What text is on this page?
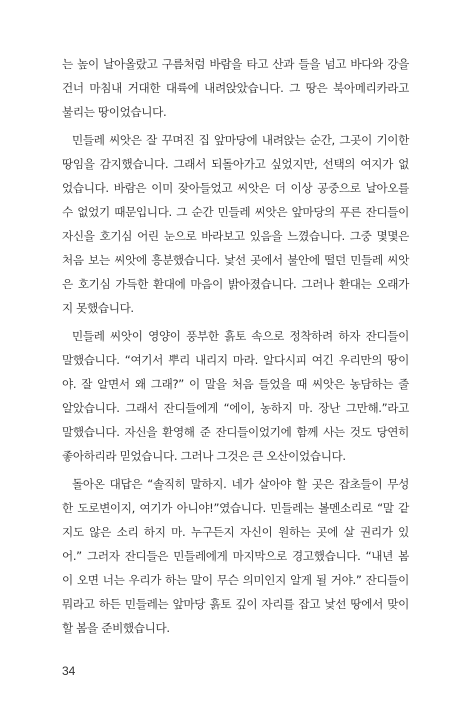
는 높이 날아올랐고 구름처럼 바람을 타고 산과 들을 넘고 바다와 강을
건너 마침내 거대한 대륙에 내려앉았습니다. 그 땅은 북아메리카라고
불리는 땅이었습니다.
민들레 씨앗은 잘 꾸며진 집 앞마당에 내려앉는 순간, 그곳이 기이한
땅임을 감지했습니다. 그래서 되돌아가고 싶었지만, 선택의 여지가 없
었습니다. 바람은 이미 잦아들었고 씨앗은 더 이상 공중으로 날아오를
수 없었기 때문입니다. 그 순간 민들레 씨앗은 앞마당의 푸른 잔디들이
자신을 호기심 어린 눈으로 바라보고 있음을 느꼈습니다. 그중 몇몇은
처음 보는 씨앗에 흥분했습니다. 낯선 곳에서 불안에 떨던 민들레 씨앗
은 호기심 가득한 환대에 마음이 밝아졌습니다. 그러나 환대는 오래가
지 못했습니다.
민들레 씨앗이 영양이 풍부한 흙토 속으로 정착하려 하자 잔디들이
말했습니다. “여기서 뿌리 내리지 마라. 알다시피 여긴 우리만의 땅이
야. 잘 알면서 왜 그래?” 이 말을 처음 들었을 때 씨앗은 농담하는 줄
알았습니다. 그래서 잔디들에게 “에이, 농하지 마. 장난 그만해.”라고
말했습니다. 자신을 환영해 준 잔디들이었기에 함께 사는 것도 당연히
좋아하리라 믿었습니다. 그러나 그것은 큰 오산이었습니다.
돌아온 대답은 “솔직히 말하지. 네가 살아야 할 곳은 잡초들이 무성
한 도로변이지, 여기가 아니야!”였습니다. 민들레는 볼멘소리로 “말 같
지도 않은 소리 하지 마. 누구든지 자신이 원하는 곳에 살 권리가 있
어.” 그러자 잔디들은 민들레에게 마지막으로 경고했습니다. “내년 봄
이 오면 너는 우리가 하는 말이 무슨 의미인지 알게 될 거야.” 잔디들이
뭐라고 하든 민들레는 앞마당 흙토 깊이 자리를 잡고 낯선 땅에서 맞이
할 봄을 준비했습니다.
34
